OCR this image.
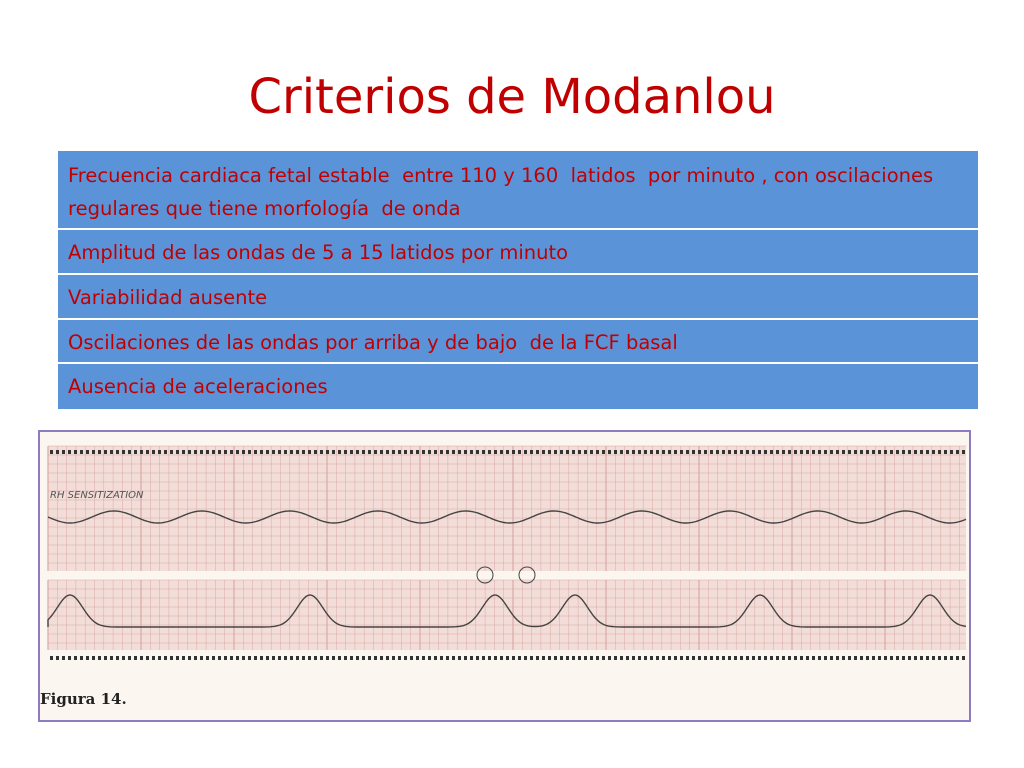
Criterios de Modanlou
Frecuencia cardiaca fetal estable  entre 110 y 160  latidos  por minuto , con oscilaciones regulares que tiene morfología  de onda
Amplitud de las ondas de 5 a 15 latidos por minuto
Variabilidad ausente
Oscilaciones de las ondas por arriba y de bajo  de la FCF basal
Ausencia de aceleraciones
RH SENSITIZATION
Figura 14.
